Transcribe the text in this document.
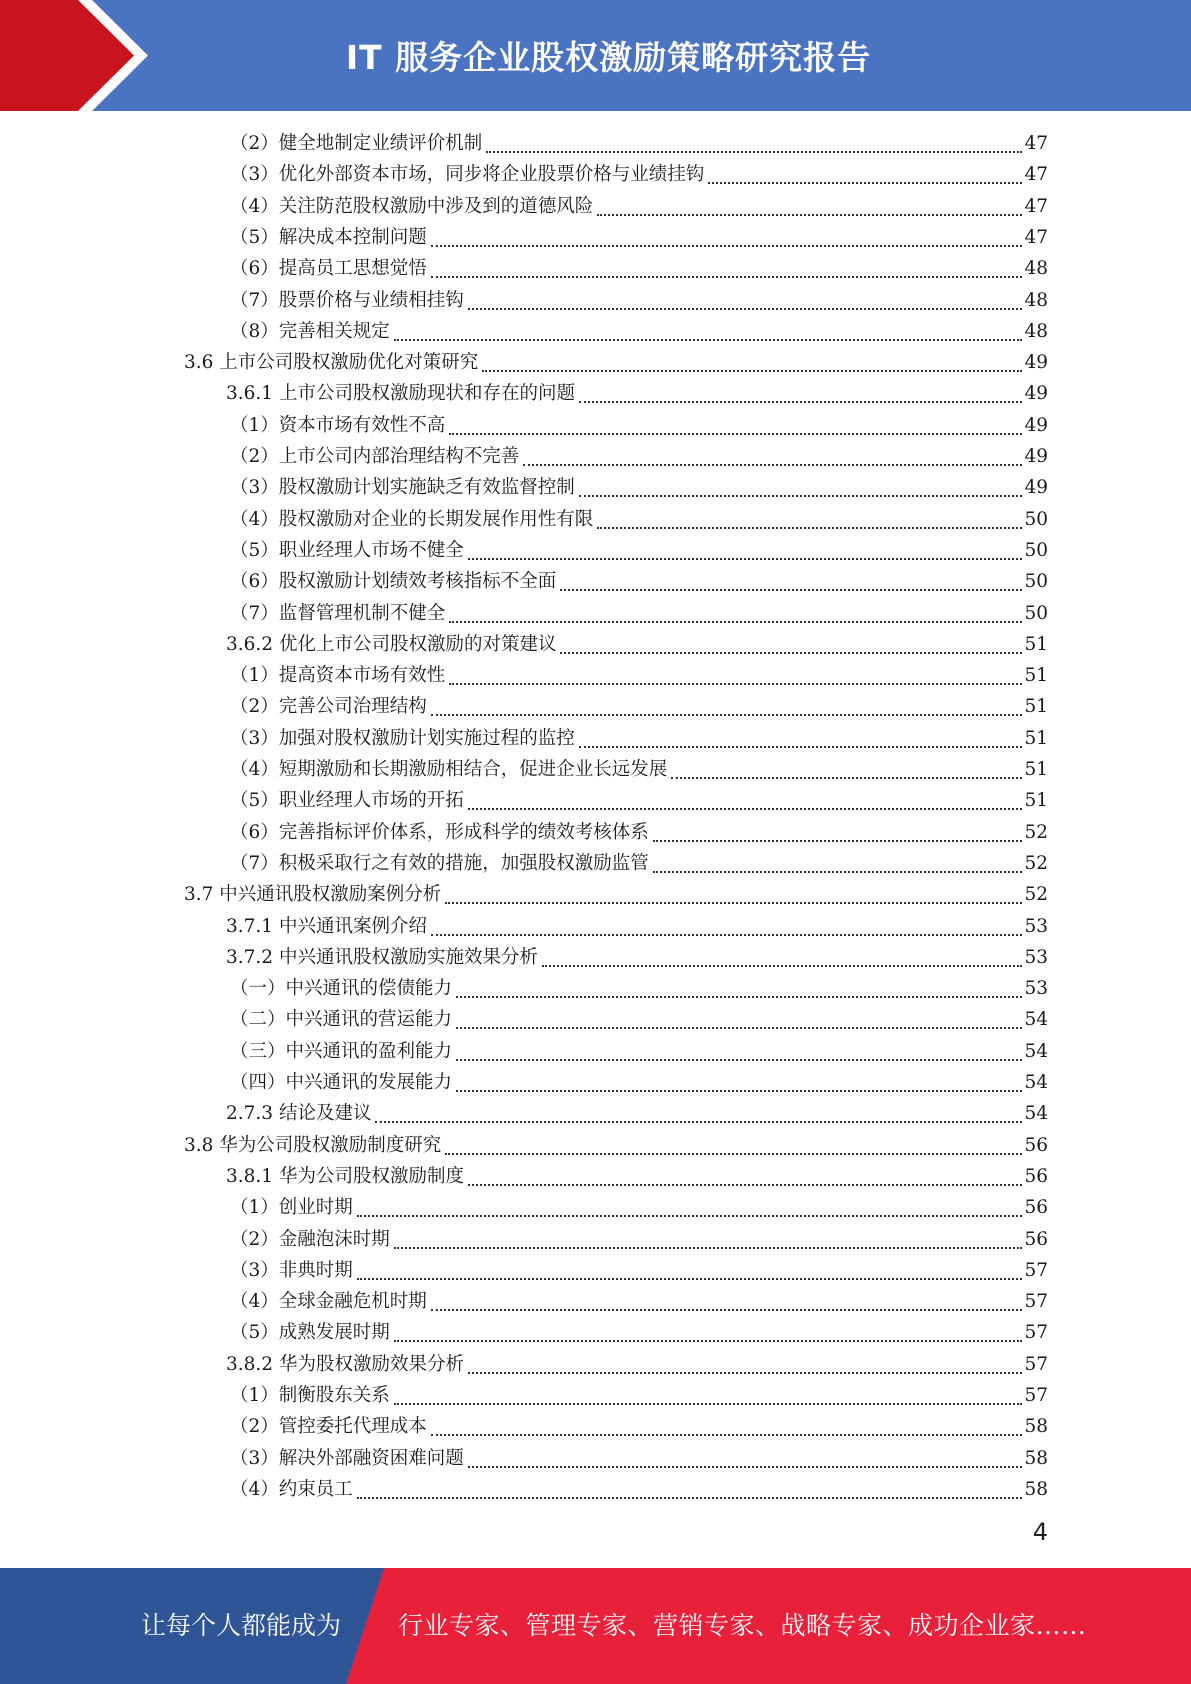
IT 服务企业股权激励策略研究报告
（2）健全地制定业绩评价机制	47
（3）优化外部资本市场，同步将企业股票价格与业绩挂钩	47
（4）关注防范股权激励中涉及到的道德风险	47
（5）解决成本控制问题	47
（6）提高员工思想觉悟	48
（7）股票价格与业绩相挂钩	48
（8）完善相关规定	48
3.6 上市公司股权激励优化对策研究	49
3.6.1 上市公司股权激励现状和存在的问题	49
（1）资本市场有效性不高	49
（2）上市公司内部治理结构不完善	49
（3）股权激励计划实施缺乏有效监督控制	49
（4）股权激励对企业的长期发展作用性有限	50
（5）职业经理人市场不健全	50
（6）股权激励计划绩效考核指标不全面	50
（7）监督管理机制不健全	50
3.6.2 优化上市公司股权激励的对策建议	51
（1）提高资本市场有效性	51
（2）完善公司治理结构	51
（3）加强对股权激励计划实施过程的监控	51
（4）短期激励和长期激励相结合，促进企业长远发展	51
（5）职业经理人市场的开拓	51
（6）完善指标评价体系，形成科学的绩效考核体系	52
（7）积极采取行之有效的措施，加强股权激励监管	52
3.7 中兴通讯股权激励案例分析	52
3.7.1 中兴通讯案例介绍	53
3.7.2 中兴通讯股权激励实施效果分析	53
（一）中兴通讯的偿债能力	53
（二）中兴通讯的营运能力	54
（三）中兴通讯的盈利能力	54
（四）中兴通讯的发展能力	54
2.7.3 结论及建议	54
3.8 华为公司股权激励制度研究	56
3.8.1 华为公司股权激励制度	56
（1）创业时期	56
（2）金融泡沫时期	56
（3）非典时期	57
（4）全球金融危机时期	57
（5）成熟发展时期	57
3.8.2 华为股权激励效果分析	57
（1）制衡股东关系	57
（2）管控委托代理成本	58
（3）解决外部融资困难问题	58
（4）约束员工	58
4
让每个人都能成为 行业专家、管理专家、营销专家、战略专家、成功企业家……
